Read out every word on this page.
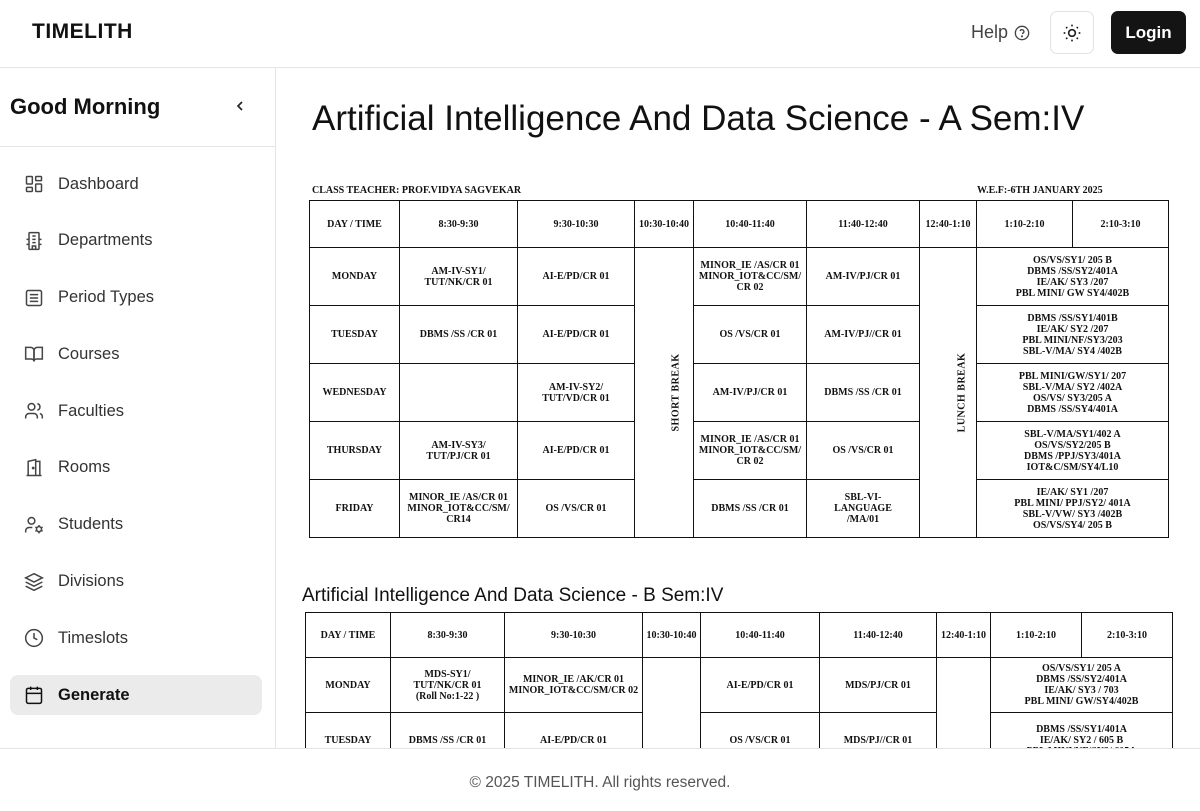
TIMELITH	Help	Login
Good Morning
Dashboard
Departments
Period Types
Courses
Faculties
Rooms
Students
Divisions
Timeslots
Generate
Artificial Intelligence And Data Science - A Sem:IV
CLASS TEACHER: PROF.VIDYA SAGVEKAR	W.E.F:-6TH JANUARY 2025
DAY / TIME	8:30-9:30	9:30-10:30	10:30-10:40	10:40-11:40	11:40-12:40	12:40-1:10	1:10-2:10	2:10-3:10
MONDAY	AM-IV-SY1/
TUT/NK/CR 01	AI-E/PD/CR 01	SHORT BREAK	MINOR_IE /AS/CR 01
MINOR_IOT&CC/SM/
CR 02	AM-IV/PJ/CR 01	LUNCH BREAK	OS/VS/SY1/ 205 B
DBMS /SS/SY2/401A
IE/AK/ SY3 /207
PBL MINI/ GW SY4/402B	
TUESDAY	DBMS /SS /CR 01	AI-E/PD/CR 01		OS /VS/CR 01	AM-IV/PJ//CR 01		DBMS /SS/SY1/401B
IE/AK/ SY2 /207
PBL MINI/NF/SY3/203
SBL-V/MA/ SY4 /402B	
WEDNESDAY		AM-IV-SY2/
TUT/VD/CR 01		AM-IV/PJ/CR 01	DBMS /SS /CR 01		PBL MINI/GW/SY1/ 207
SBL-V/MA/ SY2 /402A
OS/VS/ SY3/205 A
DBMS /SS/SY4/401A	
THURSDAY	AM-IV-SY3/
TUT/PJ/CR 01	AI-E/PD/CR 01		MINOR_IE /AS/CR 01
MINOR_IOT&CC/SM/
CR 02	OS /VS/CR 01		SBL-V/MA/SY1/402 A
OS/VS/SY2/205 B
DBMS /PPJ/SY3/401A
IOT&C/SM/SY4/L10	
FRIDAY	MINOR_IE /AS/CR 01
MINOR_IOT&CC/SM/
CR14	OS /VS/CR 01		DBMS /SS /CR 01	SBL-VI-
LANGUAGE
/MA/01		IE/AK/ SY1 /207
PBL MINI/ PPJ/SY2/ 401A
SBL-V/VW/ SY3 /402B
OS/VS/SY4/ 205 B	
Artificial Intelligence And Data Science - B Sem:IV
DAY / TIME	8:30-9:30	9:30-10:30	10:30-10:40	10:40-11:40	11:40-12:40	12:40-1:10	1:10-2:10	2:10-3:10
MONDAY	MDS-SY1/
TUT/NK/CR 01
(Roll No:1-22 )	MINOR_IE /AK/CR 01
MINOR_IOT&CC/SM/CR 02		AI-E/PD/CR 01	MDS/PJ/CR 01		OS/VS/SY1/ 205 A
DBMS /SS/SY2/401A
IE/AK/ SY3 / 703
PBL MINI/ GW/SY4/402B	
TUESDAY	DBMS /SS /CR 01	AI-E/PD/CR 01		OS /VS/CR 01	MDS/PJ//CR 01		DBMS /SS/SY1/401A
IE/AK/ SY2 / 605 B	
© 2025 TIMELITH. All rights reserved.
